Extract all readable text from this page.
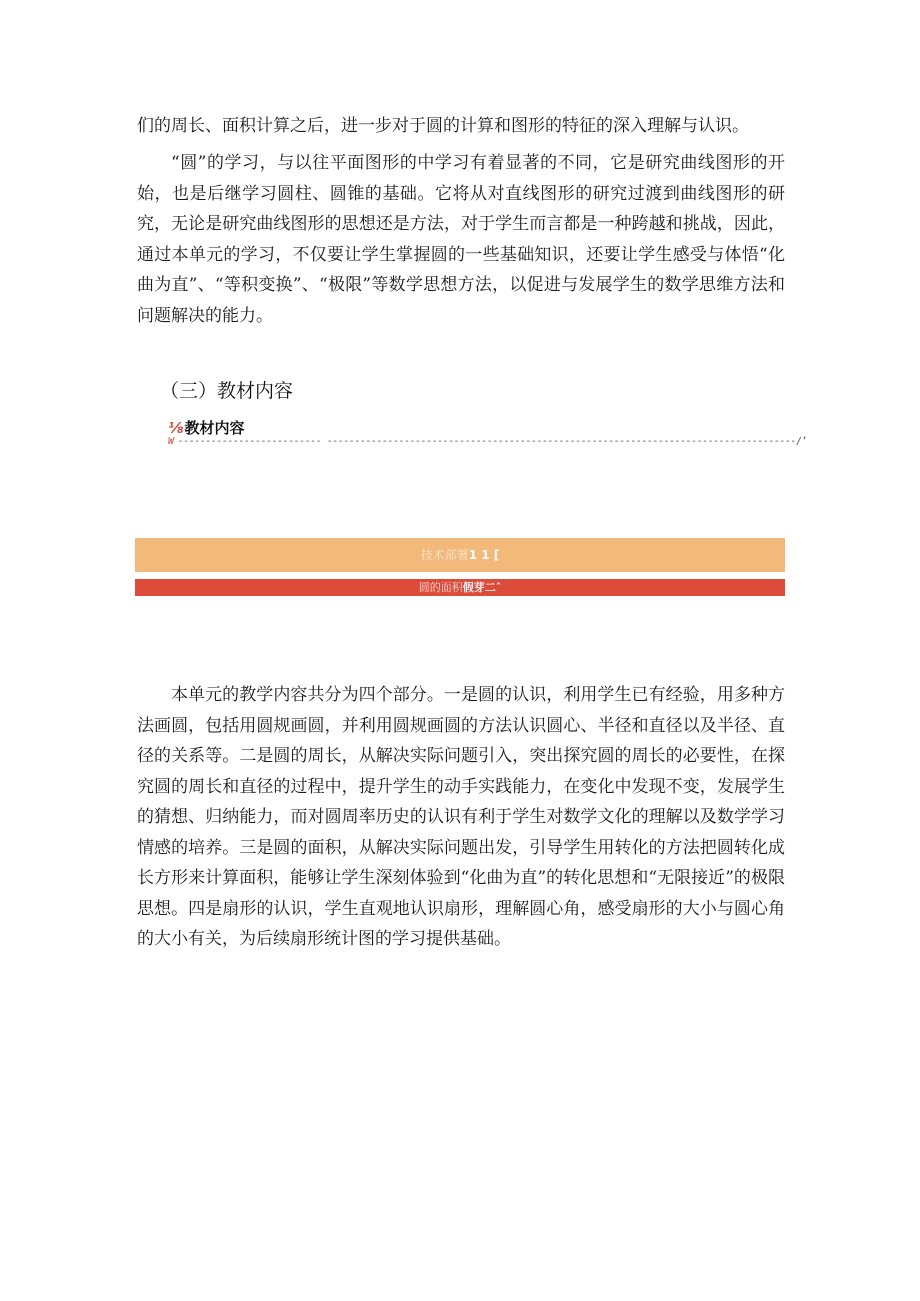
们的周长、面积计算之后，进一步对于圆的计算和图形的特征的深入理解与认识。

“圆”的学习，与以往平面图形的中学习有着显著的不同，它是研究曲线图形的开始，也是后继学习圆柱、圆锥的基础。它将从对直线图形的研究过渡到曲线图形的研究，无论是研究曲线图形的思想还是方法，对于学生而言都是一种跨越和挑战，因此，通过本单元的学习，不仅要让学生掌握圆的一些基础知识，还要让学生感受与体悟“化曲为直”、“等积变换”、“极限”等数学思想方法，以促进与发展学生的数学思维方法和问题解决的能力。

（三）教材内容
⅛教材内容
W -------------------------- -------------------------------------------------------------------------------------/’
技术部署1 1 [
圆的面积假芽二ˆ

本单元的教学内容共分为四个部分。一是圆的认识，利用学生已有经验，用多种方法画圆，包括用圆规画圆，并利用圆规画圆的方法认识圆心、半径和直径以及半径、直径的关系等。二是圆的周长，从解决实际问题引入，突出探究圆的周长的必要性，在探究圆的周长和直径的过程中，提升学生的动手实践能力，在变化中发现不变，发展学生的猜想、归纳能力，而对圆周率历史的认识有利于学生对数学文化的理解以及数学学习情感的培养。三是圆的面积，从解决实际问题出发，引导学生用转化的方法把圆转化成长方形来计算面积，能够让学生深刻体验到“化曲为直”的转化思想和“无限接近”的极限思想。四是扇形的认识，学生直观地认识扇形，理解圆心角，感受扇形的大小与圆心角的大小有关，为后续扇形统计图的学习提供基础。
